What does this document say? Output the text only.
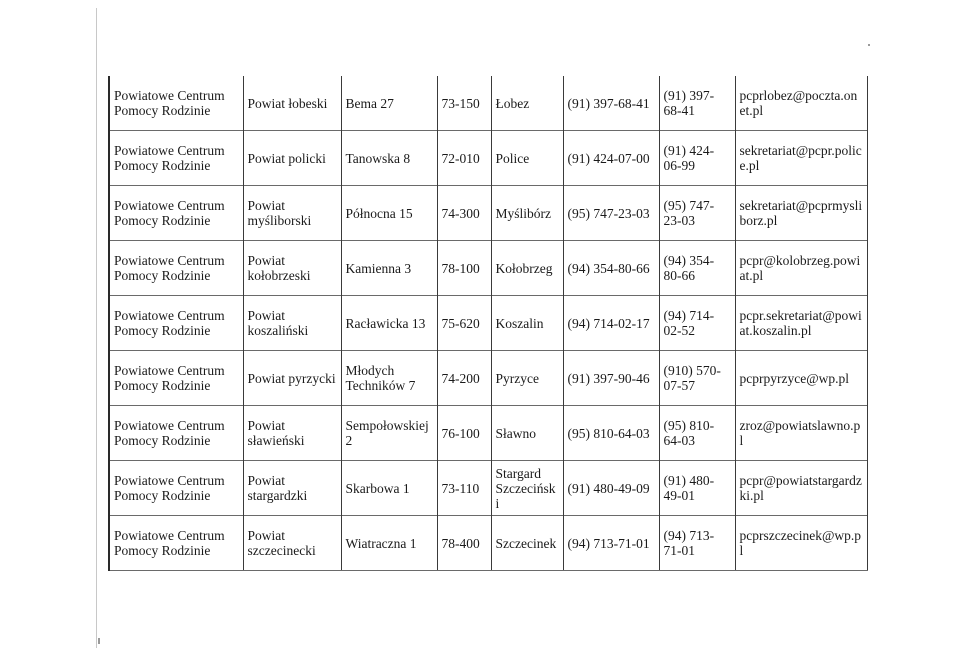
Powiatowe Centrum Pomocy Rodzinie	Powiat łobeski	Bema 27	73-150	Łobez	(91) 397-68-41	(91) 397-68-41	pcprlobez@poczta.onet.pl
Powiatowe Centrum Pomocy Rodzinie	Powiat policki	Tanowska 8	72-010	Police	(91) 424-07-00	(91) 424-06-99	sekretariat@pcpr.police.pl
Powiatowe Centrum Pomocy Rodzinie	Powiat myśliborski	Północna 15	74-300	Myślibórz	(95) 747-23-03	(95) 747-23-03	sekretariat@pcprmysliborz.pl
Powiatowe Centrum Pomocy Rodzinie	Powiat kołobrzeski	Kamienna 3	78-100	Kołobrzeg	(94) 354-80-66	(94) 354-80-66	pcpr@kolobrzeg.powiat.pl
Powiatowe Centrum Pomocy Rodzinie	Powiat koszaliński	Racławicka 13	75-620	Koszalin	(94) 714-02-17	(94) 714-02-52	pcpr.sekretariat@powiat.koszalin.pl
Powiatowe Centrum Pomocy Rodzinie	Powiat pyrzycki	Młodych Techników 7	74-200	Pyrzyce	(91) 397-90-46	(910) 570-07-57	pcprpyrzyce@wp.pl
Powiatowe Centrum Pomocy Rodzinie	Powiat sławieński	Sempołowskiej 2	76-100	Sławno	(95) 810-64-03	(95) 810-64-03	zroz@powiatslawno.pl
Powiatowe Centrum Pomocy Rodzinie	Powiat stargardzki	Skarbowa 1	73-110	Stargard Szczeciński	(91) 480-49-09	(91) 480-49-01	pcpr@powiatstargardzki.pl
Powiatowe Centrum Pomocy Rodzinie	Powiat szczecinecki	Wiatraczna 1	78-400	Szczecinek	(94) 713-71-01	(94) 713-71-01	pcprszczecinek@wp.pl
